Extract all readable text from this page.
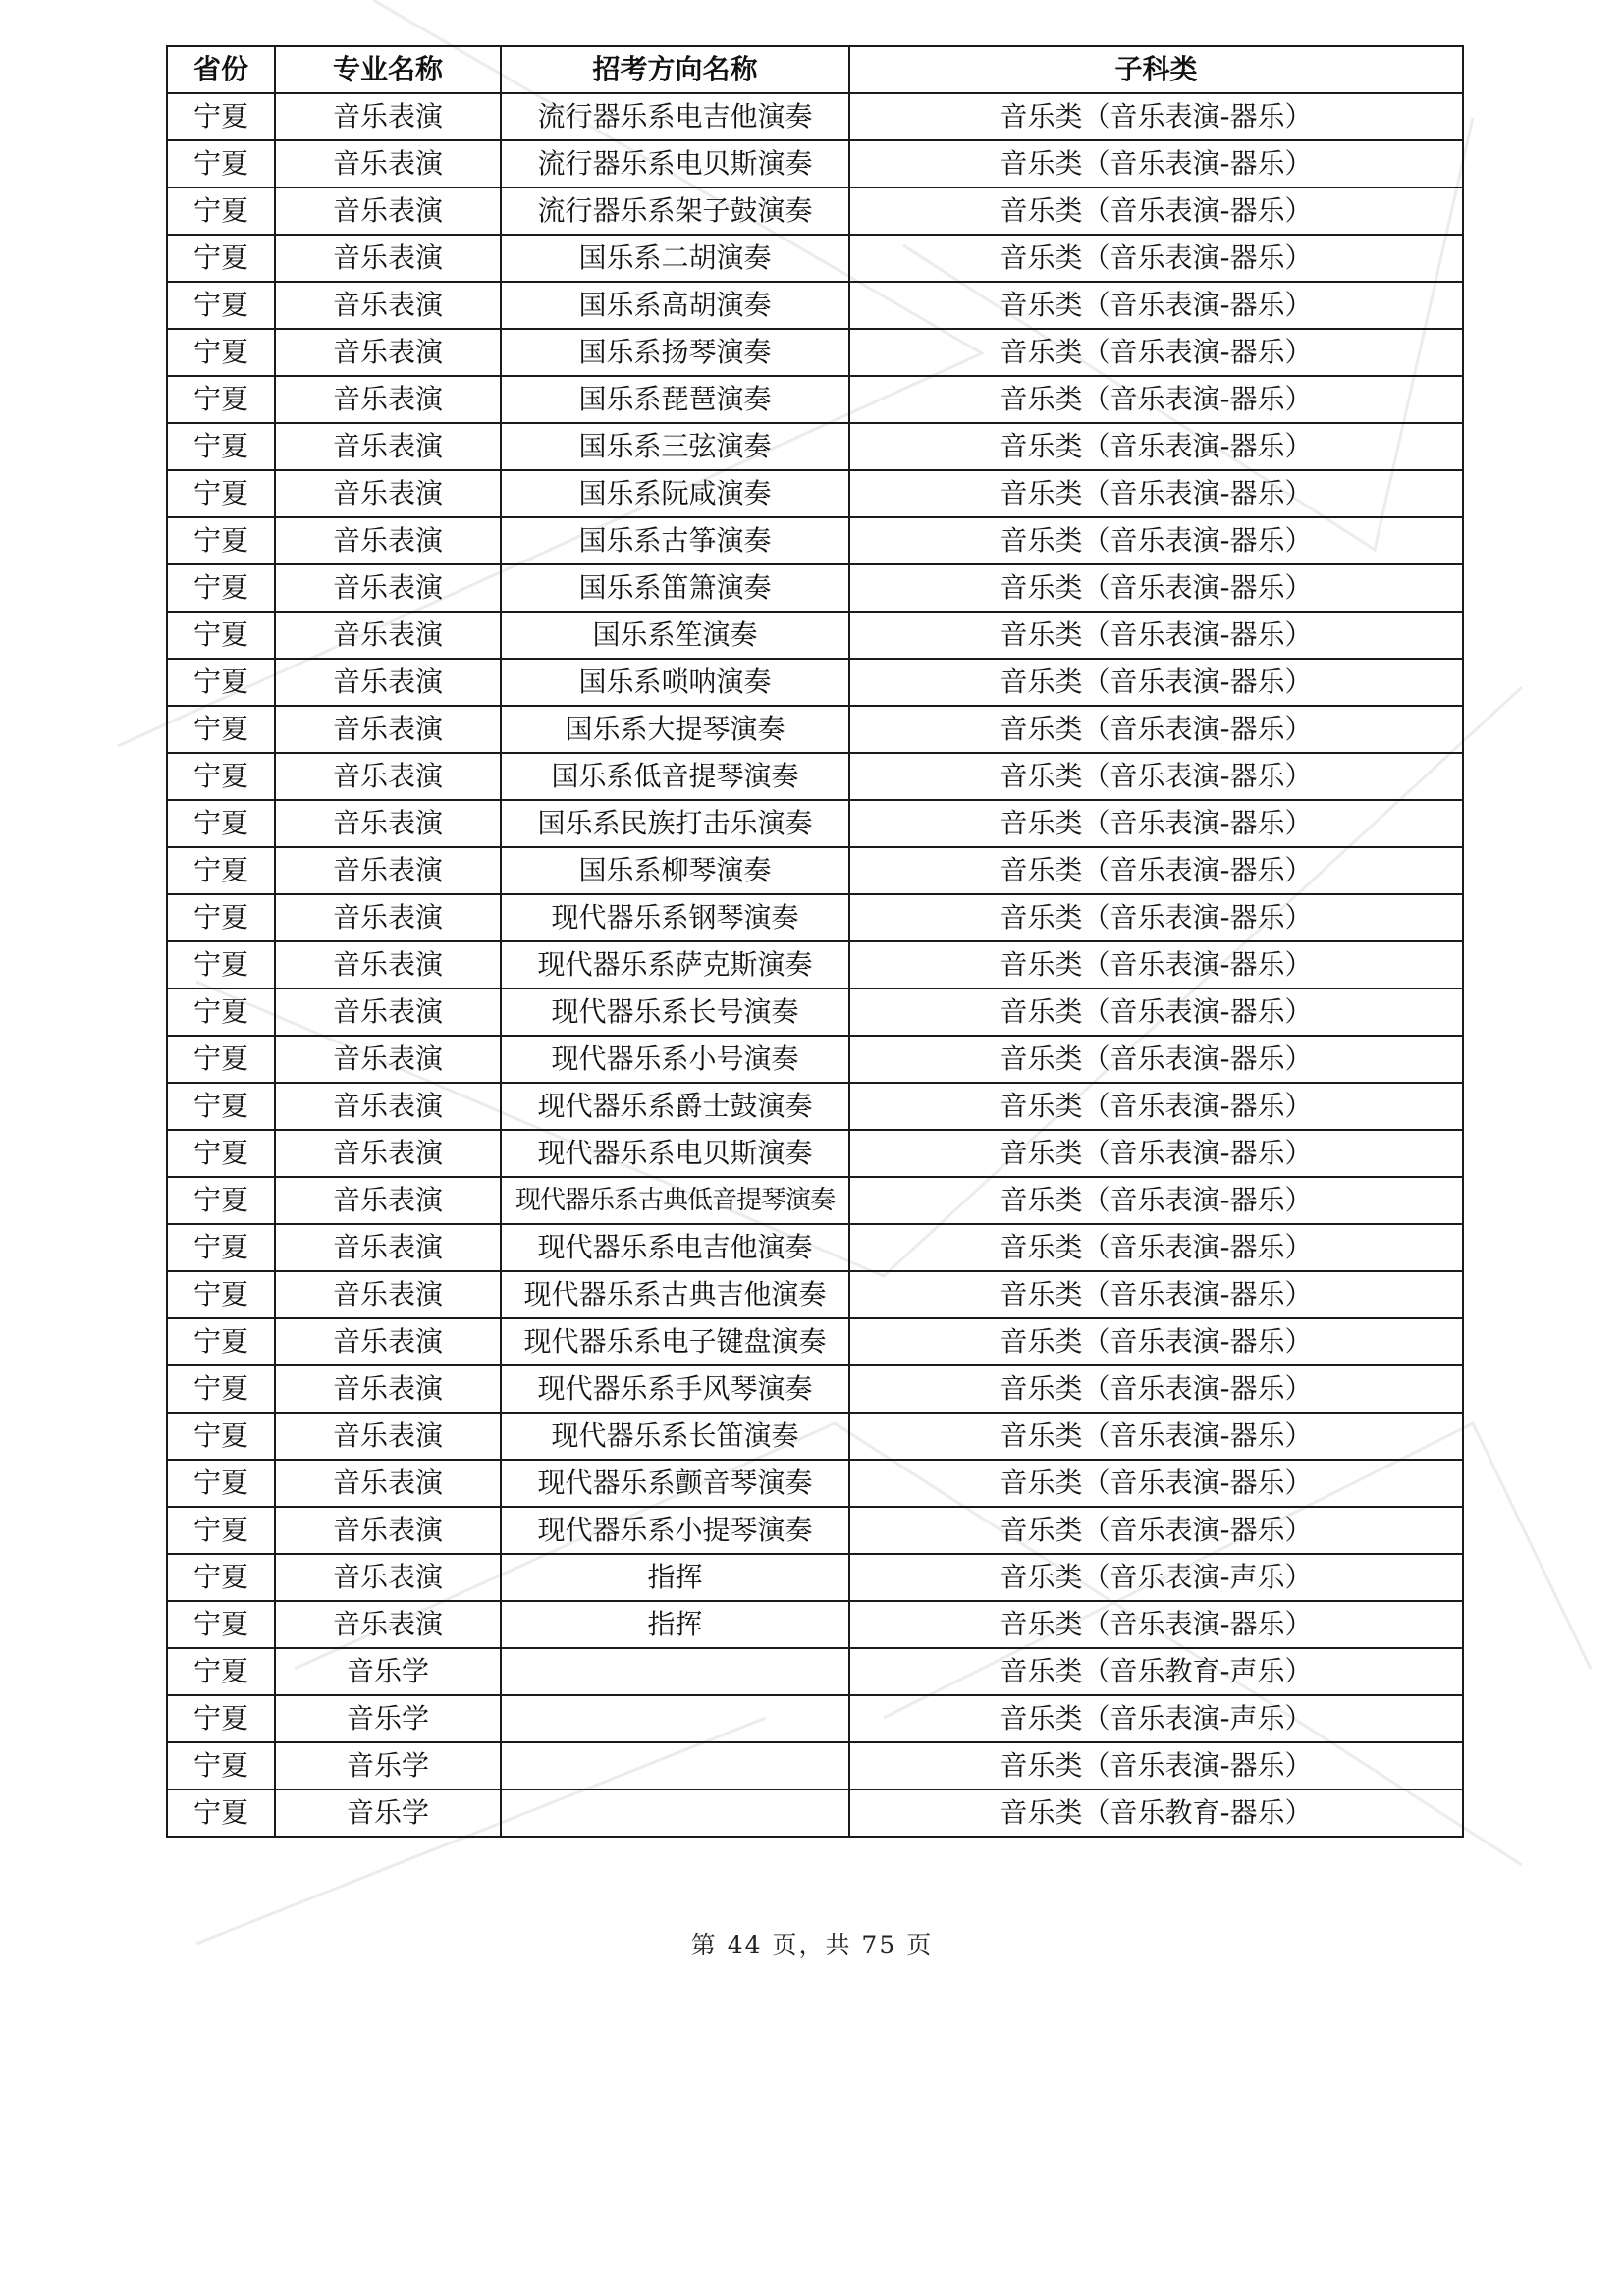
省份	专业名称	招考方向名称	子科类
宁夏	音乐表演	流行器乐系电吉他演奏	音乐类（音乐表演-器乐）
宁夏	音乐表演	流行器乐系电贝斯演奏	音乐类（音乐表演-器乐）
宁夏	音乐表演	流行器乐系架子鼓演奏	音乐类（音乐表演-器乐）
宁夏	音乐表演	国乐系二胡演奏	音乐类（音乐表演-器乐）
宁夏	音乐表演	国乐系高胡演奏	音乐类（音乐表演-器乐）
宁夏	音乐表演	国乐系扬琴演奏	音乐类（音乐表演-器乐）
宁夏	音乐表演	国乐系琵琶演奏	音乐类（音乐表演-器乐）
宁夏	音乐表演	国乐系三弦演奏	音乐类（音乐表演-器乐）
宁夏	音乐表演	国乐系阮咸演奏	音乐类（音乐表演-器乐）
宁夏	音乐表演	国乐系古筝演奏	音乐类（音乐表演-器乐）
宁夏	音乐表演	国乐系笛箫演奏	音乐类（音乐表演-器乐）
宁夏	音乐表演	国乐系笙演奏	音乐类（音乐表演-器乐）
宁夏	音乐表演	国乐系唢呐演奏	音乐类（音乐表演-器乐）
宁夏	音乐表演	国乐系大提琴演奏	音乐类（音乐表演-器乐）
宁夏	音乐表演	国乐系低音提琴演奏	音乐类（音乐表演-器乐）
宁夏	音乐表演	国乐系民族打击乐演奏	音乐类（音乐表演-器乐）
宁夏	音乐表演	国乐系柳琴演奏	音乐类（音乐表演-器乐）
宁夏	音乐表演	现代器乐系钢琴演奏	音乐类（音乐表演-器乐）
宁夏	音乐表演	现代器乐系萨克斯演奏	音乐类（音乐表演-器乐）
宁夏	音乐表演	现代器乐系长号演奏	音乐类（音乐表演-器乐）
宁夏	音乐表演	现代器乐系小号演奏	音乐类（音乐表演-器乐）
宁夏	音乐表演	现代器乐系爵士鼓演奏	音乐类（音乐表演-器乐）
宁夏	音乐表演	现代器乐系电贝斯演奏	音乐类（音乐表演-器乐）
宁夏	音乐表演	现代器乐系古典低音提琴演奏	音乐类（音乐表演-器乐）
宁夏	音乐表演	现代器乐系电吉他演奏	音乐类（音乐表演-器乐）
宁夏	音乐表演	现代器乐系古典吉他演奏	音乐类（音乐表演-器乐）
宁夏	音乐表演	现代器乐系电子键盘演奏	音乐类（音乐表演-器乐）
宁夏	音乐表演	现代器乐系手风琴演奏	音乐类（音乐表演-器乐）
宁夏	音乐表演	现代器乐系长笛演奏	音乐类（音乐表演-器乐）
宁夏	音乐表演	现代器乐系颤音琴演奏	音乐类（音乐表演-器乐）
宁夏	音乐表演	现代器乐系小提琴演奏	音乐类（音乐表演-器乐）
宁夏	音乐表演	指挥	音乐类（音乐表演-声乐）
宁夏	音乐表演	指挥	音乐类（音乐表演-器乐）
宁夏	音乐学		音乐类（音乐教育-声乐）
宁夏	音乐学		音乐类（音乐表演-声乐）
宁夏	音乐学		音乐类（音乐表演-器乐）
宁夏	音乐学		音乐类（音乐教育-器乐）
第 44 页，共 75 页
